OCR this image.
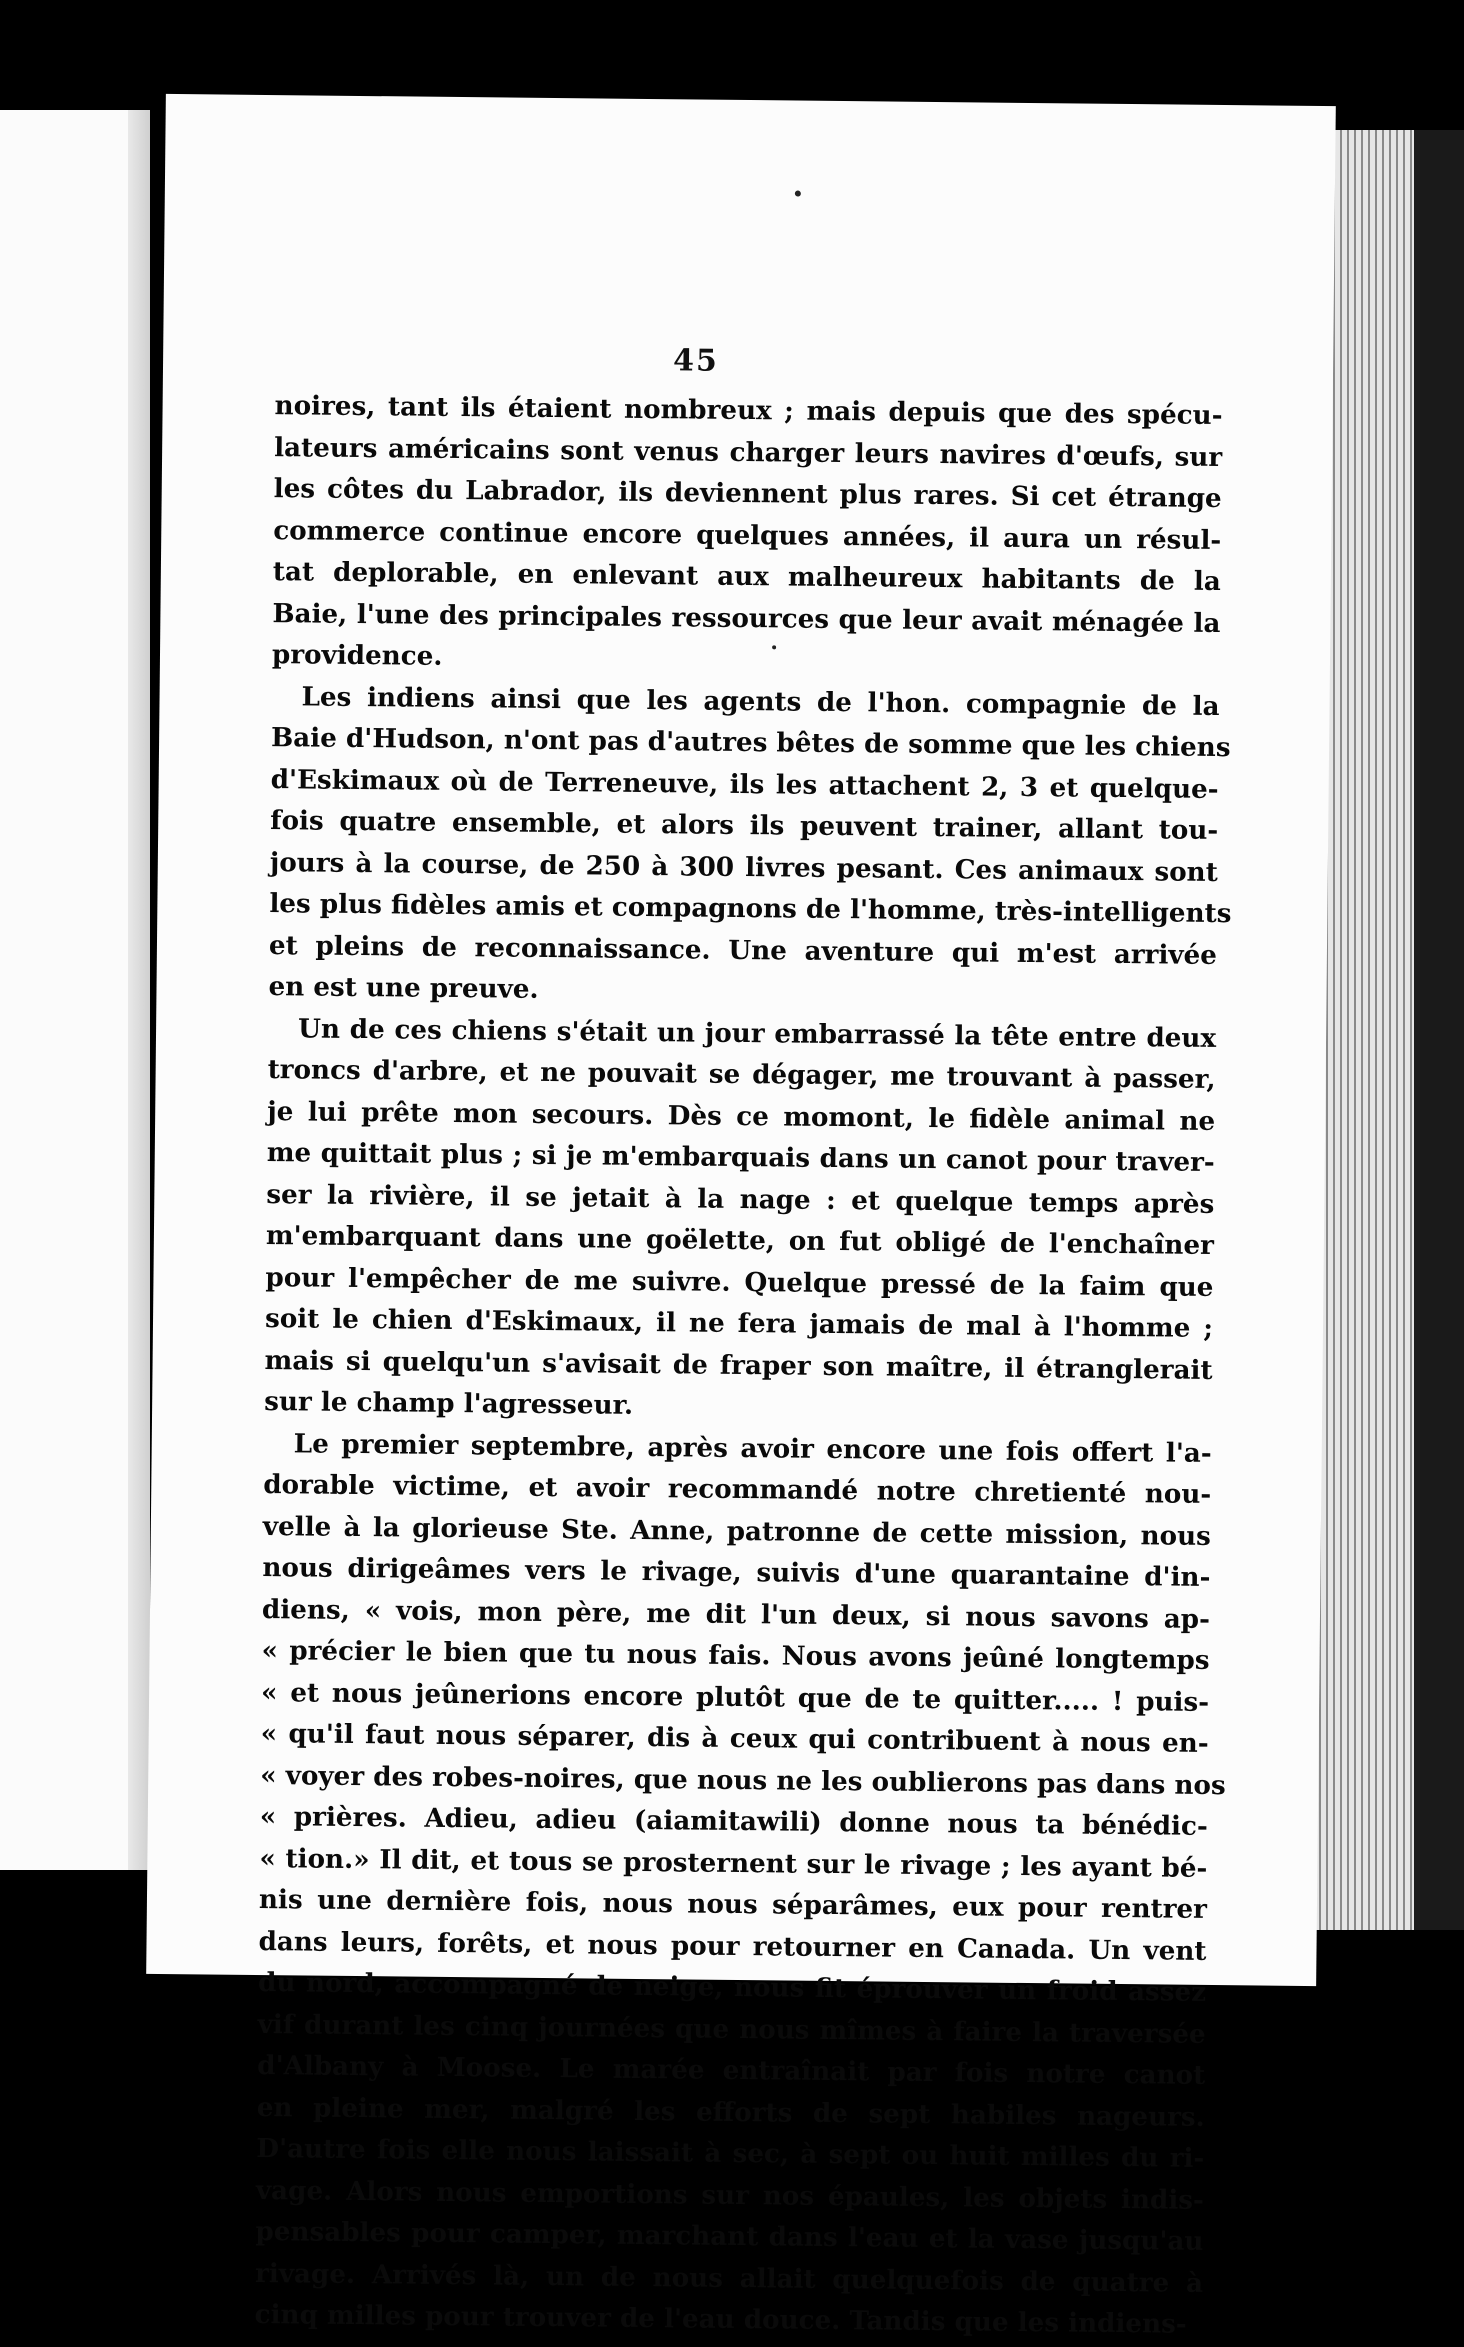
45

noires, tant ils étaient nombreux ; mais depuis que des spécu-
lateurs américains sont venus charger leurs navires d'œufs, sur
les côtes du Labrador, ils deviennent plus rares. Si cet étrange
commerce continue encore quelques années, il aura un résul-
tat deplorable, en enlevant aux malheureux habitants de la
Baie, l'une des principales ressources que leur avait ménagée la
providence.

Les indiens ainsi que les agents de l'hon. compagnie de la
Baie d'Hudson, n'ont pas d'autres bêtes de somme que les chiens
d'Eskimaux où de Terreneuve, ils les attachent 2, 3 et quelque-
fois quatre ensemble, et alors ils peuvent trainer, allant tou-
jours à la course, de 250 à 300 livres pesant. Ces animaux sont
les plus fidèles amis et compagnons de l'homme, très-intelligents
et pleins de reconnaissance. Une aventure qui m'est arrivée
en est une preuve.

Un de ces chiens s'était un jour embarrassé la tête entre deux
troncs d'arbre, et ne pouvait se dégager, me trouvant à passer,
je lui prête mon secours. Dès ce momont, le fidèle animal ne
me quittait plus ; si je m'embarquais dans un canot pour traver-
ser la rivière, il se jetait à la nage : et quelque temps après
m'embarquant dans une goëlette, on fut obligé de l'enchaîner
pour l'empêcher de me suivre. Quelque pressé de la faim que
soit le chien d'Eskimaux, il ne fera jamais de mal à l'homme ;
mais si quelqu'un s'avisait de fraper son maître, il étranglerait
sur le champ l'agresseur.

Le premier septembre, après avoir encore une fois offert l'a-
dorable victime, et avoir recommandé notre chretienté nou-
velle à la glorieuse Ste. Anne, patronne de cette mission, nous
nous dirigeâmes vers le rivage, suivis d'une quarantaine d'in-
diens, « vois, mon père, me dit l'un deux, si nous savons ap-
« précier le bien que tu nous fais. Nous avons jeûné longtemps
« et nous jeûnerions encore plutôt que de te quitter..... ! puis-
« qu'il faut nous séparer, dis à ceux qui contribuent à nous en-
« voyer des robes-noires, que nous ne les oublierons pas dans nos
« prières. Adieu, adieu (aiamitawili) donne nous ta bénédic-
« tion.» Il dit, et tous se prosternent sur le rivage ; les ayant bé-
nis une dernière fois, nous nous séparâmes, eux pour rentrer
dans leurs, forêts, et nous pour retourner en Canada. Un vent
du nord, accompagné de neige, nous fit éprouver un froid assez
vif durant les cinq journées que nous mîmes à faire la traversée
d'Albany à Moose. Le marée entraînait par fois notre canot
en pleine mer, malgré les efforts de sept habiles nageurs.
D'autre fois elle nous laissait à sec, à sept ou huit milles du ri-
vage. Alors nous emportions sur nos épaules, les objets indis-
pensables pour camper, marchant dans l'eau et la vase jusqu'au
rivage. Arrivés là, un de nous allait quelquefois de quatre à
cinq milles pour trouver de l'eau douce. Tandis que les indiens-
